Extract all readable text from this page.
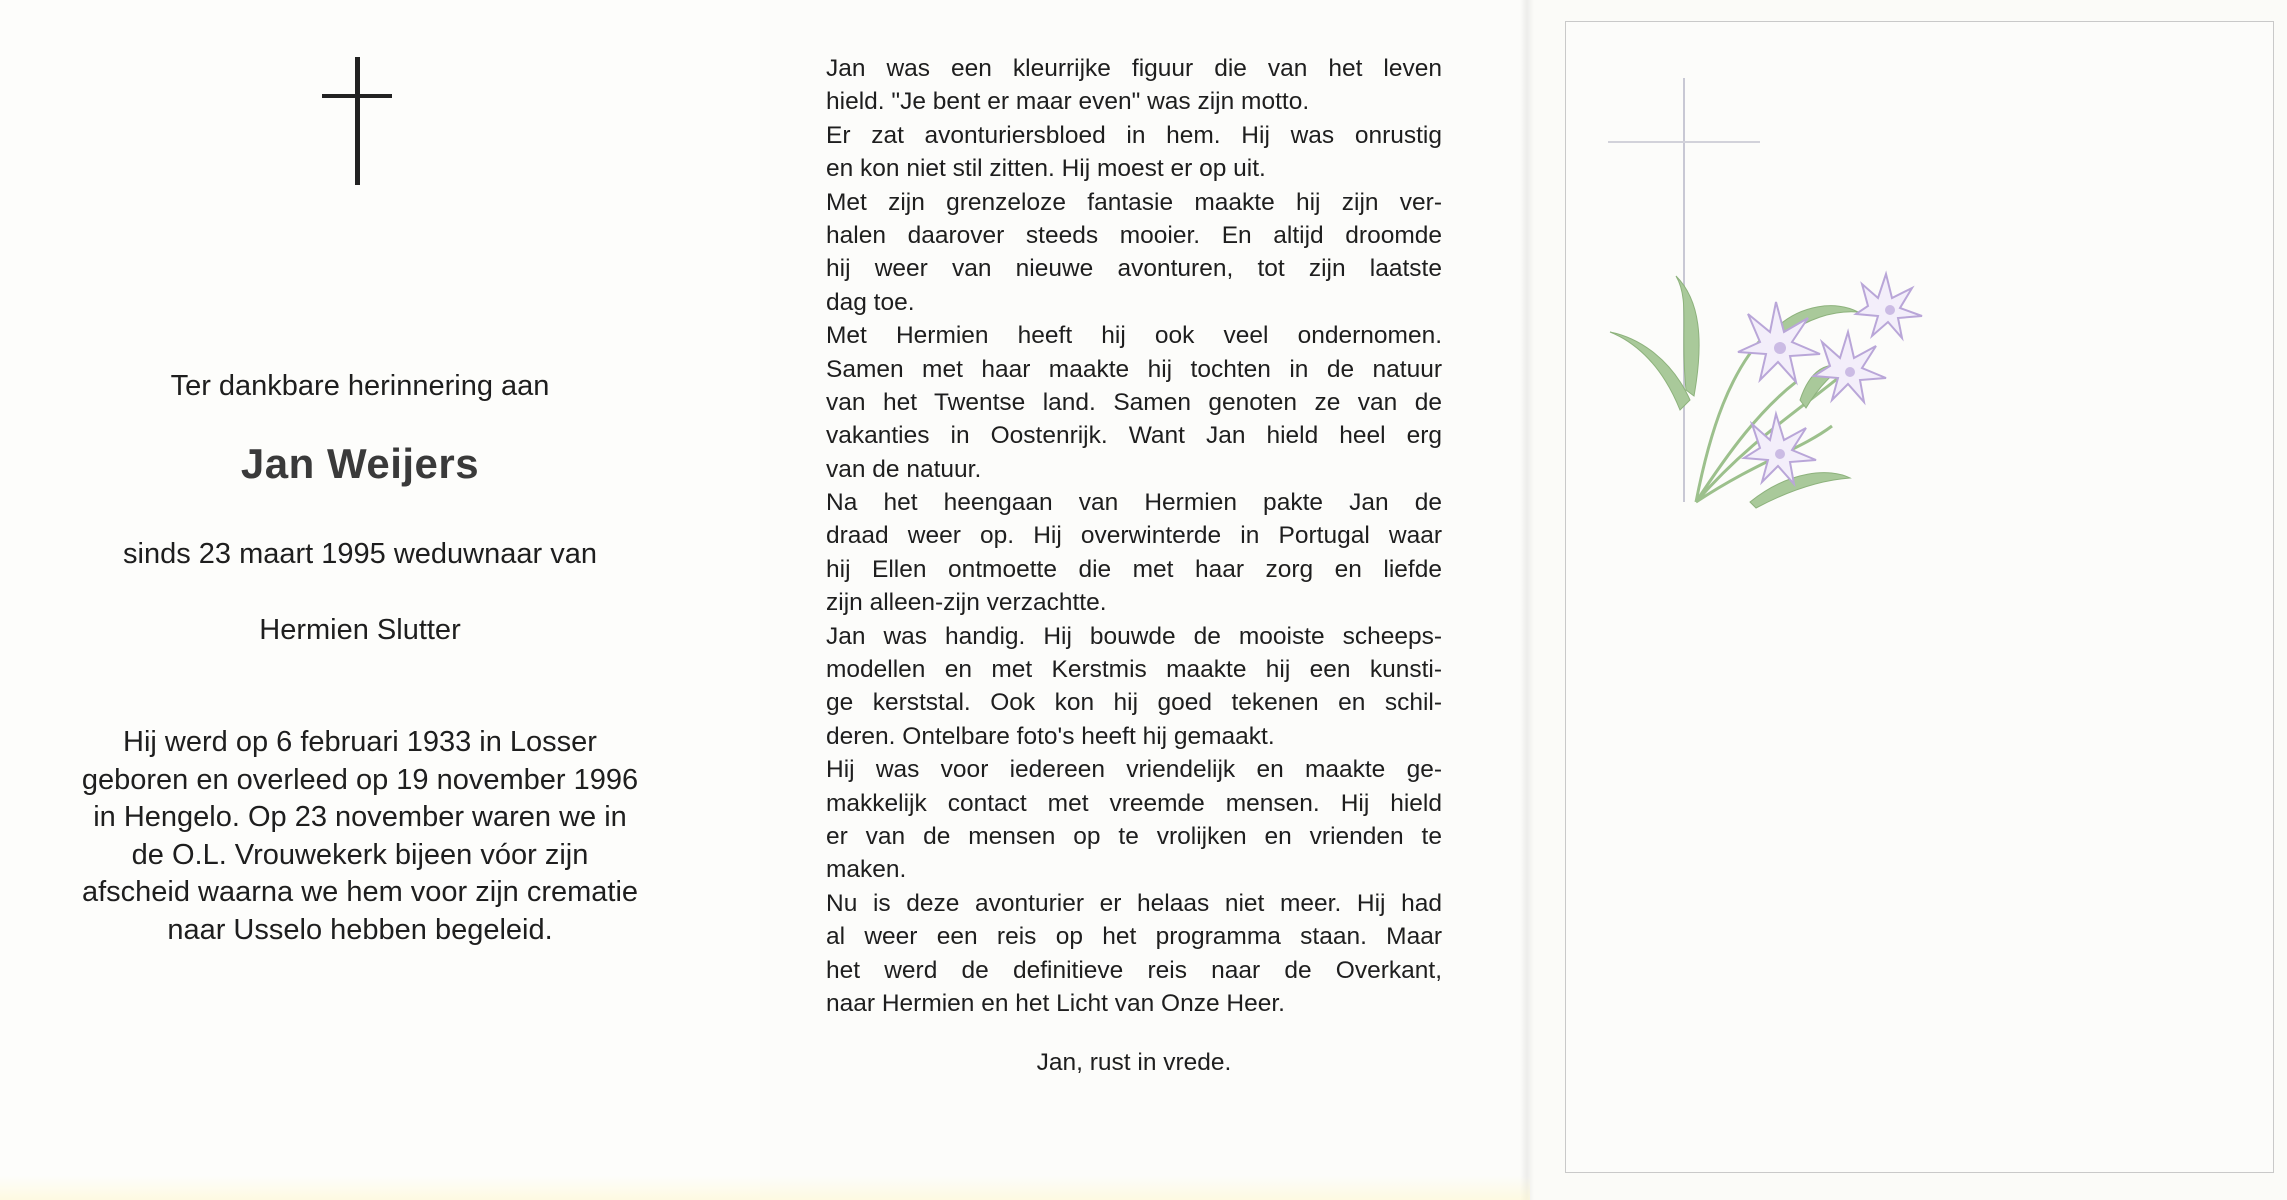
Ter dankbare herinnering aan

Jan Weijers

sinds 23 maart 1995 weduwnaar van

Hermien Slutter

Hij werd op 6 februari 1933 in Losser
geboren en overleed op 19 november 1996
in Hengelo. Op 23 november waren we in
de O.L. Vrouwekerk bijeen vóor zijn
afscheid waarna we hem voor zijn crematie
naar Usselo hebben begeleid.
Jan was een kleurrijke figuur die van het leven
hield. "Je bent er maar even" was zijn motto.
Er zat avonturiersbloed in hem. Hij was onrustig
en kon niet stil zitten. Hij moest er op uit.
Met zijn grenzeloze fantasie maakte hij zijn ver-
halen daarover steeds mooier. En altijd droomde
hij weer van nieuwe avonturen, tot zijn laatste
dag toe.
Met Hermien heeft hij ook veel ondernomen.
Samen met haar maakte hij tochten in de natuur
van het Twentse land. Samen genoten ze van de
vakanties in Oostenrijk. Want Jan hield heel erg
van de natuur.
Na het heengaan van Hermien pakte Jan de
draad weer op. Hij overwinterde in Portugal waar
hij Ellen ontmoette die met haar zorg en liefde
zijn alleen-zijn verzachtte.
Jan was handig. Hij bouwde de mooiste scheeps-
modellen en met Kerstmis maakte hij een kunsti-
ge kerststal. Ook kon hij goed tekenen en schil-
deren. Ontelbare foto's heeft hij gemaakt.
Hij was voor iedereen vriendelijk en maakte ge-
makkelijk contact met vreemde mensen. Hij hield
er van de mensen op te vrolijken en vrienden te
maken.
Nu is deze avonturier er helaas niet meer. Hij had
al weer een reis op het programma staan. Maar
het werd de definitieve reis naar de Overkant,
naar Hermien en het Licht van Onze Heer.

Jan, rust in vrede.
